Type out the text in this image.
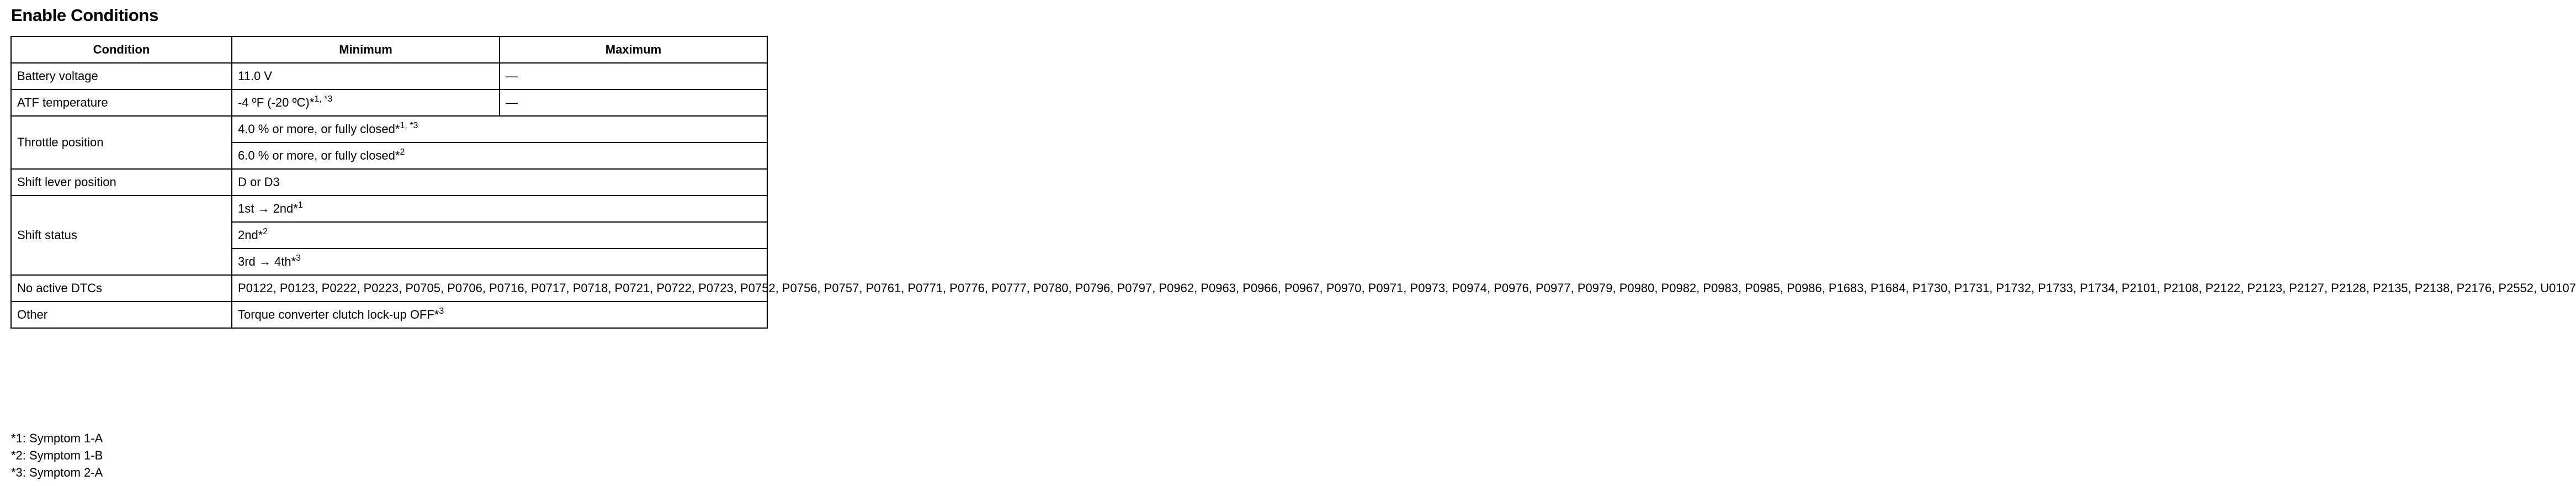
Enable Conditions
Condition	Minimum	Maximum
Battery voltage	11.0 V	—
ATF temperature	-4 ºF (-20 ºC)*$^{1, *3}$	—
Throttle position	4.0 % or more, or fully closed*$^{1, *3}$
	6.0 % or more, or fully closed*$^2$
Shift lever position	D or D3	
Shift status	1st → 2nd*$^1$
	2nd*$^2$
	3rd → 4th*$^3$
No active DTCs	P0122, P0123, P0222, P0223, P0705, P0706, P0716, P0717, P0718, P0721, P0722, P0723, P0752, P0756, P0757, P0761, P0771, P0776, P0777, P0780, P0796, P0797, P0962, P0963, P0966, P0967, P0970, P0971, P0973, P0974, P0976, P0977, P0979, P0980, P0982, P0983, P0985, P0986, P1683, P1684, P1730, P1731, P1732, P1733, P1734, P2101, P2108, P2122, P2123, P2127, P2128, P2135, P2138, P2176, P2552, U0107	
Other	Torque converter clutch lock-up OFF*$^3$
*1: Symptom 1-A
*2: Symptom 1-B
*3: Symptom 2-A
